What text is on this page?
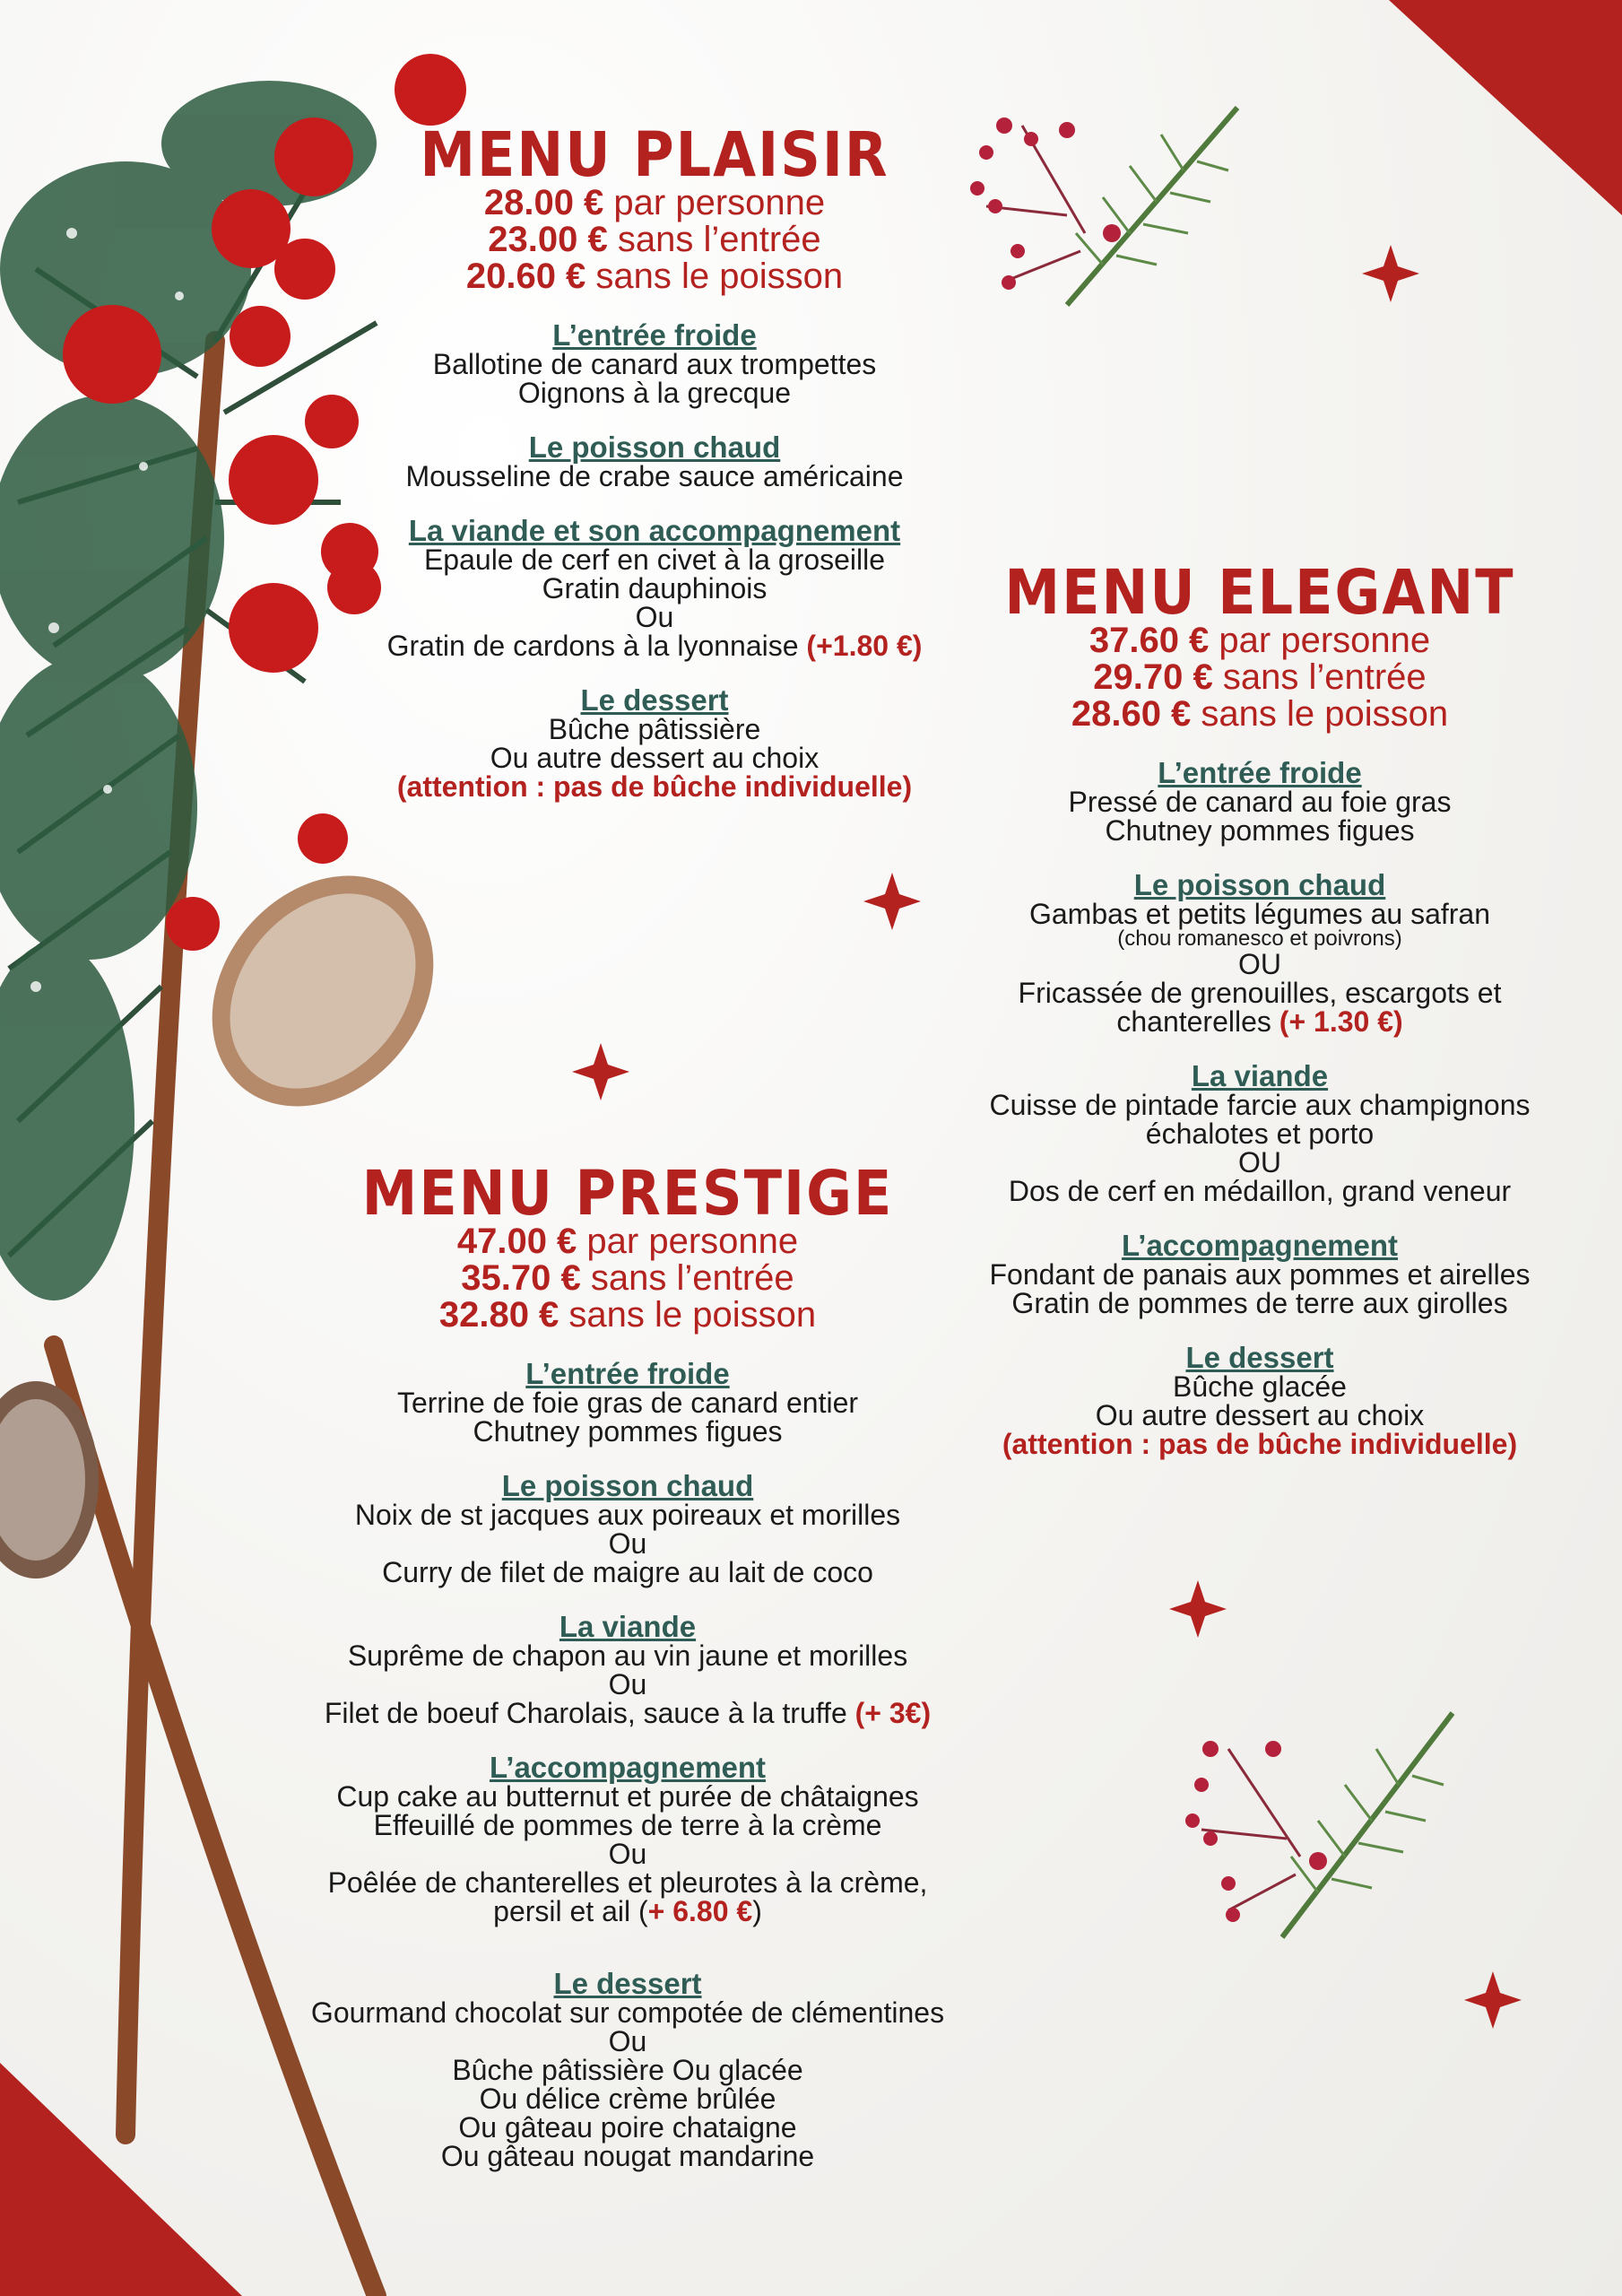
MENU PLAISIR
28.00 € par personne
23.00 € sans l’entrée
20.60 € sans le poisson
L’entrée froide
Ballotine de canard aux trompettes
Oignons à la grecque
Le poisson chaud
Mousseline de crabe sauce américaine
La viande et son accompagnement
Epaule de cerf en civet à la groseille
Gratin dauphinois
Ou
Gratin de cardons à la lyonnaise (+1.80 €)
Le dessert
Bûche pâtissière
Ou autre dessert au choix
(attention : pas de bûche individuelle)
MENU ELEGANT
37.60 € par personne
29.70 € sans l’entrée
28.60 € sans le poisson
L’entrée froide
Pressé de canard au foie gras
Chutney pommes figues
Le poisson chaud
Gambas et petits légumes au safran
(chou romanesco et poivrons)
OU
Fricassée de grenouilles, escargots et
chanterelles (+ 1.30 €)
La viande
Cuisse de pintade farcie aux champignons
échalotes et porto
OU
Dos de cerf en médaillon, grand veneur
L’accompagnement
Fondant de panais aux pommes et airelles
Gratin de pommes de terre aux girolles
Le dessert
Bûche glacée
Ou autre dessert au choix
(attention : pas de bûche individuelle)
MENU PRESTIGE
47.00 € par personne
35.70 € sans l’entrée
32.80 € sans le poisson
L’entrée froide
Terrine de foie gras de canard entier
Chutney pommes figues
Le poisson chaud
Noix de st jacques aux poireaux et morilles
Ou
Curry de filet de maigre au lait de coco
La viande
Suprême de chapon au vin jaune et morilles
Ou
Filet de boeuf Charolais, sauce à la truffe (+ 3€)
L’accompagnement
Cup cake au butternut et purée de châtaignes
Effeuillé de pommes de terre à la crème
Ou
Poêlée de chanterelles et pleurotes à la crème,
persil et ail (+ 6.80 €)
Le dessert
Gourmand chocolat sur compotée de clémentines
Ou
Bûche pâtissière Ou glacée
Ou délice crème brûlée
Ou gâteau poire chataigne
Ou gâteau nougat mandarine
